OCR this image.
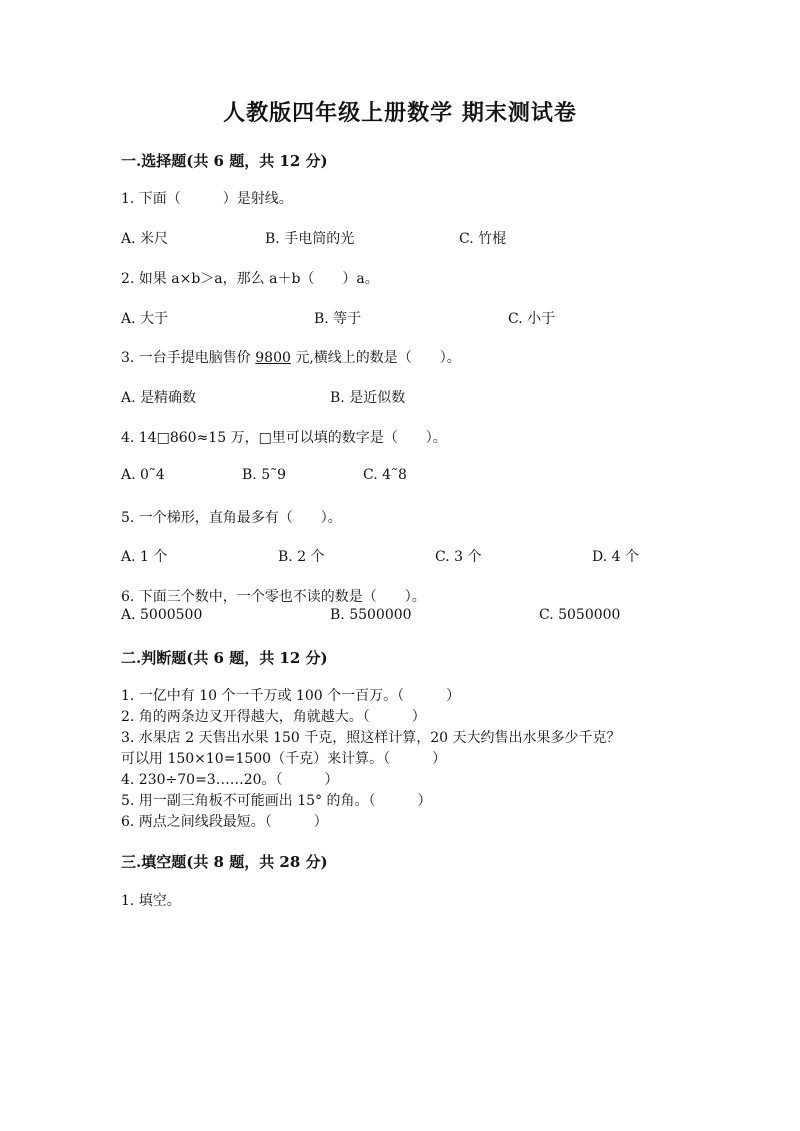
人教版四年级上册数学 期末测试卷
一.选择题(共 6 题，共 12 分)
1. 下面（　　　）是射线。
A. 米尺	B. 手电筒的光	C. 竹棍
2. 如果 a×b＞a，那么 a＋b（　　）a。
A. 大于	B. 等于	C. 小于
3. 一台手提电脑售价 9800 元,横线上的数是（　　）。
A. 是精确数	B. 是近似数
4. 14□860≈15 万，□里可以填的数字是（　　）。
A. 0˜4	B. 5˜9	C. 4˜8
5. 一个梯形，直角最多有（　　）。
A. 1 个	B. 2 个	C. 3 个	D. 4 个
6. 下面三个数中，一个零也不读的数是（　　）。
A. 5000500	B. 5500000	C. 5050000
二.判断题(共 6 题，共 12 分)
1. 一亿中有 10 个一千万或 100 个一百万。（　　　）
2. 角的两条边叉开得越大，角就越大。（　　　）
3. 水果店 2 天售出水果 150 千克，照这样计算，20 天大约售出水果多少千克？
可以用 150×10=1500（千克）来计算。（　　　）
4. 230÷70=3……20。（　　　）
5. 用一副三角板不可能画出 15° 的角。（　　　）
6. 两点之间线段最短。（　　　）
三.填空题(共 8 题，共 28 分)
1. 填空。
